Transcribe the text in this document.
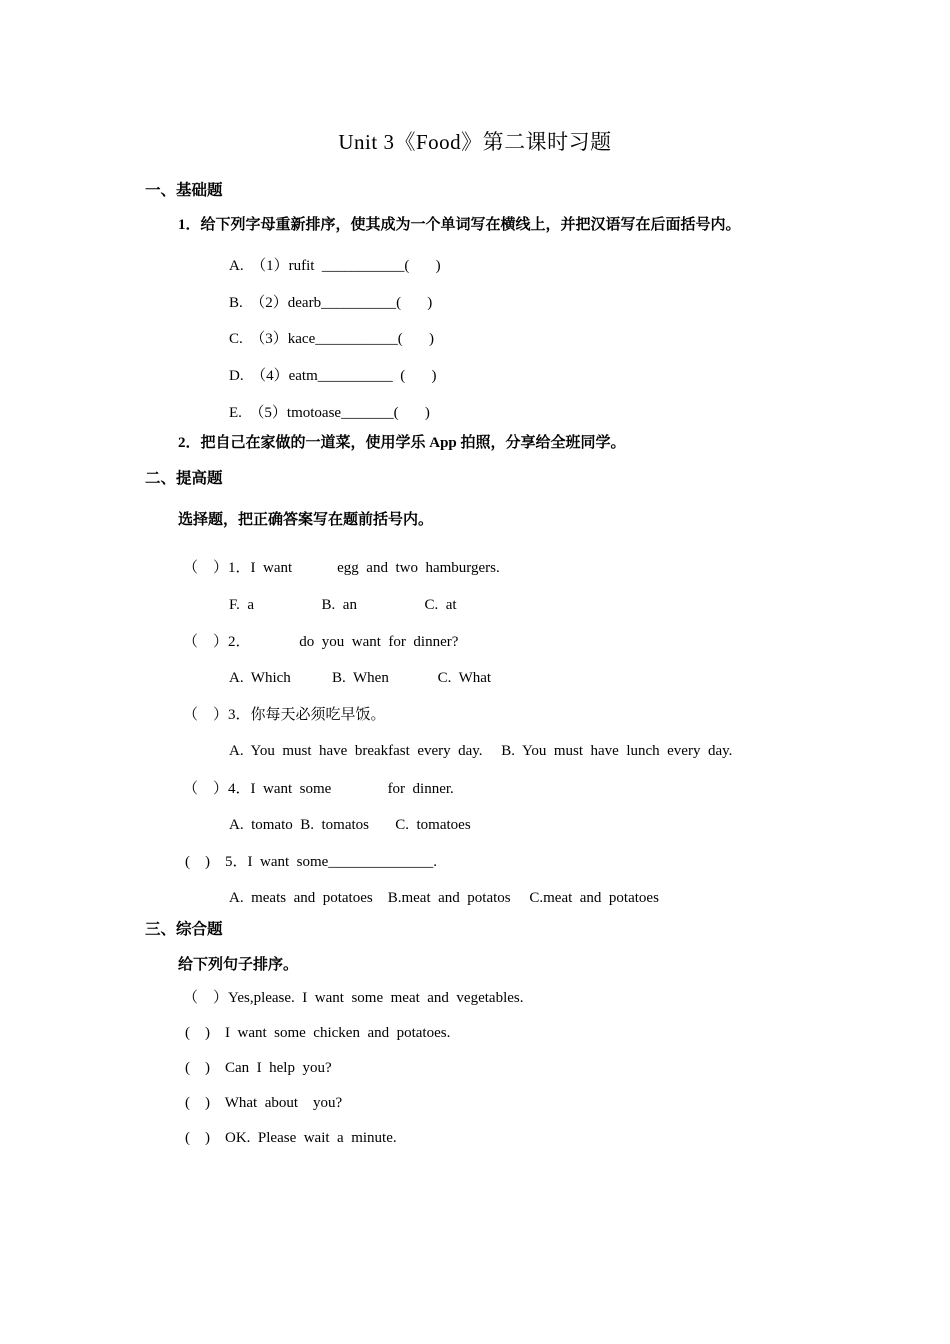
Unit 3《Food》第二课时习题
一、基础题
1．给下列字母重新排序，使其成为一个单词写在横线上，并把汉语写在后面括号内。
A.  （1）rufit  ___________(       )
B.  （2）dearb__________(       )
C.  （3）kace___________(       )
D.  （4）eatm__________  (       )
E.  （5）tmotoase_______(       )
2．把自己在家做的一道菜，使用学乐 App 拍照，分享给全班同学。
二、提高题
选择题，把正确答案写在题前括号内。
（    ）1．I  want            egg  and  two  hamburgers.
F.  a                  B.  an                  C.  at
（    ）2．             do  you  want  for  dinner?
A.  Which           B.  When             C.  What
（    ）3．你每天必须吃早饭。
A.  You  must  have  breakfast  every  day.     B.  You  must  have  lunch  every  day.
（    ）4．I  want  some               for  dinner.
A.  tomato  B.  tomatos       C.  tomatoes
(    )    5．I  want  some______________.
A.  meats  and  potatoes    B.meat  and  potatos     C.meat  and  potatoes
三、综合题
给下列句子排序。
（    ）Yes,please.  I  want  some  meat  and  vegetables.
(    )    I  want  some  chicken  and  potatoes.
(    )    Can  I  help  you?
(    )    What  about    you?
(    )    OK.  Please  wait  a  minute.
